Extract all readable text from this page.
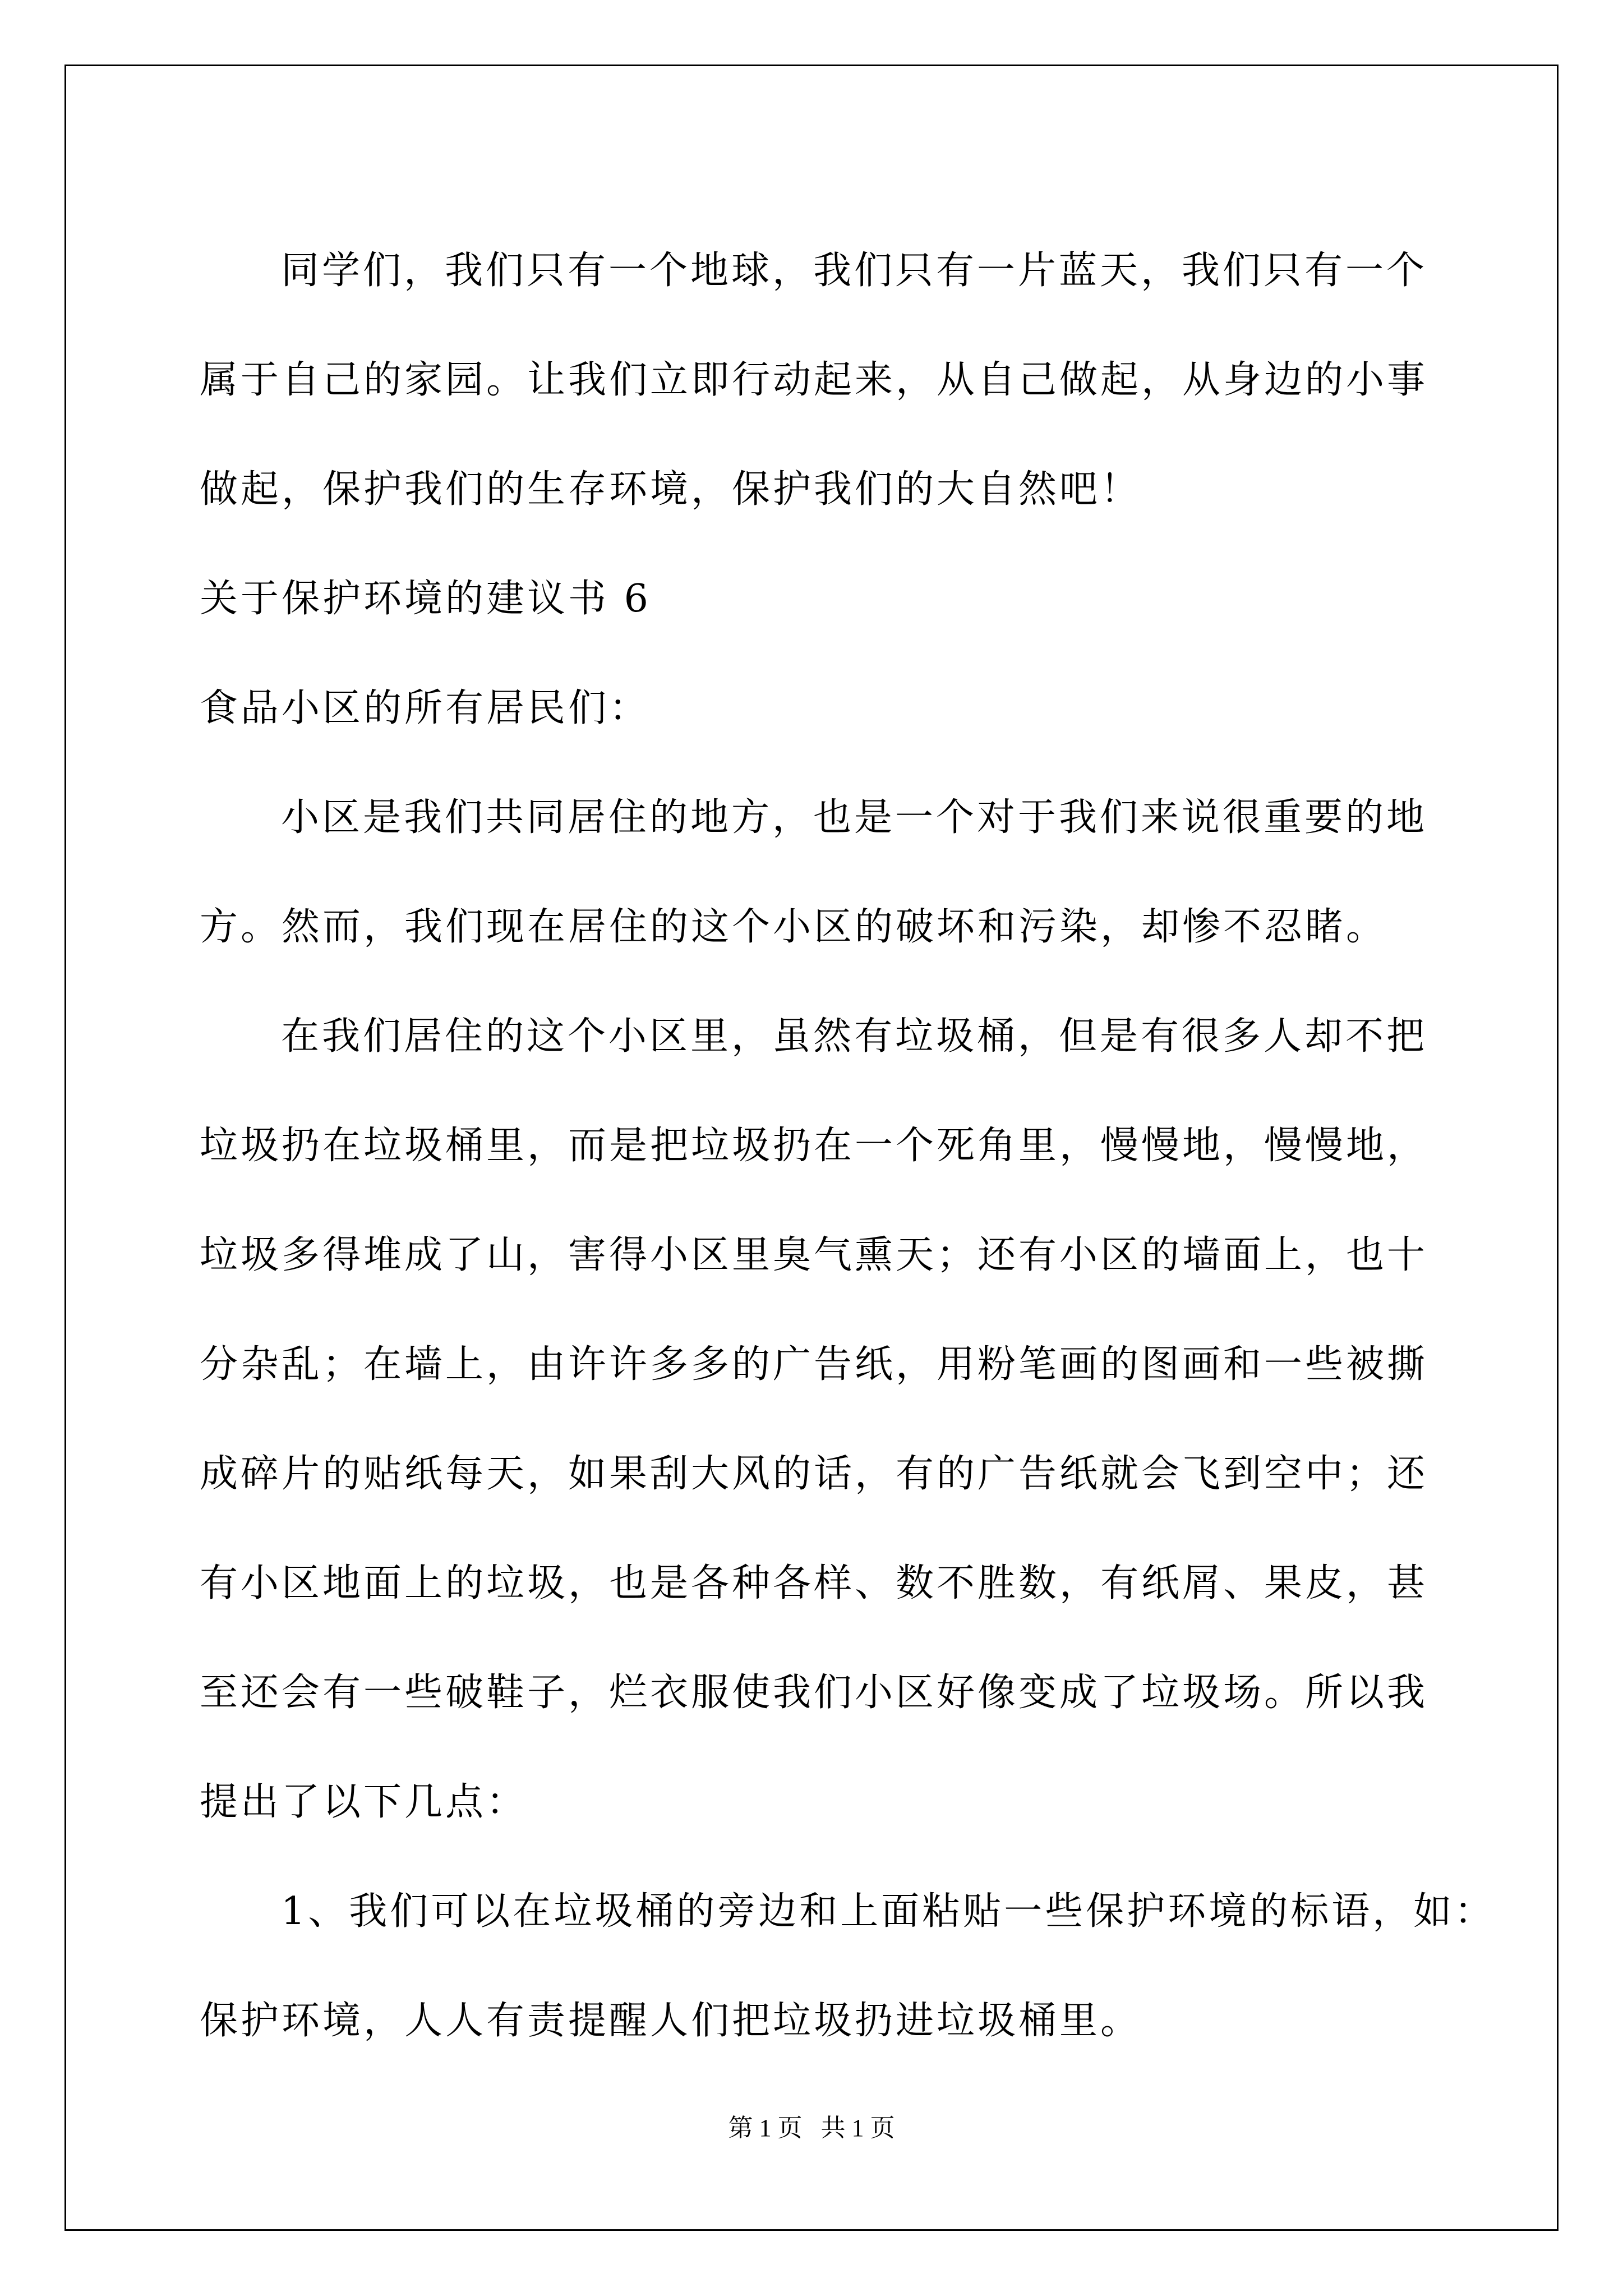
同学们，我们只有一个地球，我们只有一片蓝天，我们只有一个
属于自己的家园。让我们立即行动起来，从自己做起，从身边的小事
做起，保护我们的生存环境，保护我们的大自然吧！
关于保护环境的建议书 6
食品小区的所有居民们：
小区是我们共同居住的地方，也是一个对于我们来说很重要的地
方。然而，我们现在居住的这个小区的破坏和污染，却惨不忍睹。
在我们居住的这个小区里，虽然有垃圾桶，但是有很多人却不把
垃圾扔在垃圾桶里，而是把垃圾扔在一个死角里，慢慢地，慢慢地，
垃圾多得堆成了山，害得小区里臭气熏天；还有小区的墙面上，也十
分杂乱；在墙上，由许许多多的广告纸，用粉笔画的图画和一些被撕
成碎片的贴纸每天，如果刮大风的话，有的广告纸就会飞到空中；还
有小区地面上的垃圾，也是各种各样、数不胜数，有纸屑、果皮，甚
至还会有一些破鞋子，烂衣服使我们小区好像变成了垃圾场。所以我
提出了以下几点：
1、我们可以在垃圾桶的旁边和上面粘贴一些保护环境的标语，如：
保护环境，人人有责提醒人们把垃圾扔进垃圾桶里。
第 1 页   共 1 页
